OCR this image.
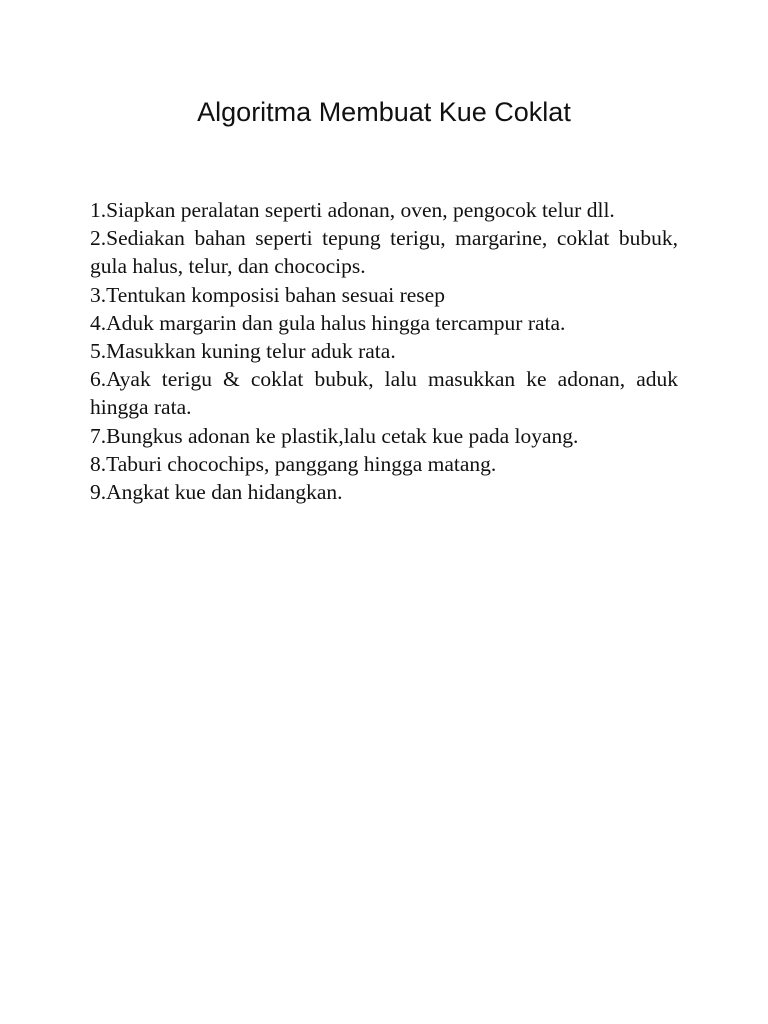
Algoritma Membuat Kue Coklat
1.Siapkan peralatan seperti adonan, oven, pengocok telur dll.
2.Sediakan bahan seperti tepung terigu, margarine, coklat bubuk, gula halus, telur, dan chococips.
3.Tentukan komposisi bahan sesuai resep
4.Aduk margarin dan gula halus hingga tercampur rata.
5.Masukkan kuning telur aduk rata.
6.Ayak terigu & coklat bubuk, lalu masukkan ke adonan, aduk hingga rata.
7.Bungkus adonan ke plastik,lalu cetak kue pada loyang.
8.Taburi chocochips, panggang hingga matang.
9.Angkat kue dan hidangkan.
